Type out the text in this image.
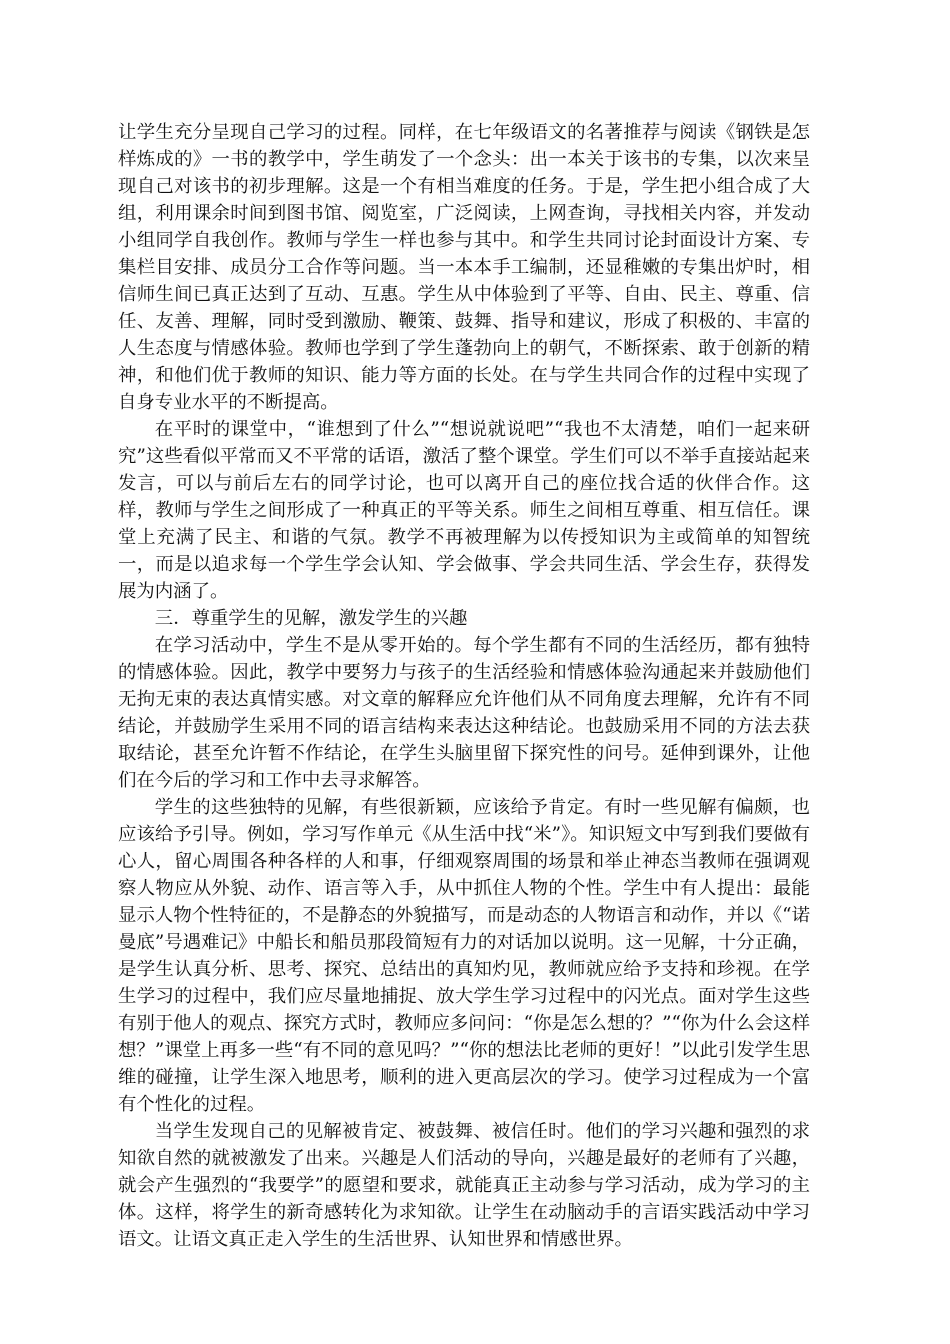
让学生充分呈现自己学习的过程。同样，在七年级语文的名著推荐与阅读《钢铁是怎样炼成的》一书的教学中，学生萌发了一个念头：出一本关于该书的专集，以次来呈现自己对该书的初步理解。这是一个有相当难度的任务。于是，学生把小组合成了大组，利用课余时间到图书馆、阅览室，广泛阅读，上网查询，寻找相关内容，并发动小组同学自我创作。教师与学生一样也参与其中。和学生共同讨论封面设计方案、专集栏目安排、成员分工合作等问题。当一本本手工编制，还显稚嫩的专集出炉时，相信师生间已真正达到了互动、互惠。学生从中体验到了平等、自由、民主、尊重、信任、友善、理解，同时受到激励、鞭策、鼓舞、指导和建议，形成了积极的、丰富的人生态度与情感体验。教师也学到了学生蓬勃向上的朝气，不断探索、敢于创新的精神，和他们优于教师的知识、能力等方面的长处。在与学生共同合作的过程中实现了自身专业水平的不断提高。

在平时的课堂中，“谁想到了什么”“想说就说吧”“我也不太清楚，咱们一起来研究”这些看似平常而又不平常的话语，激活了整个课堂。学生们可以不举手直接站起来发言，可以与前后左右的同学讨论，也可以离开自己的座位找合适的伙伴合作。这样，教师与学生之间形成了一种真正的平等关系。师生之间相互尊重、相互信任。课堂上充满了民主、和谐的气氛。教学不再被理解为以传授知识为主或简单的知智统一，而是以追求每一个学生学会认知、学会做事、学会共同生活、学会生存，获得发展为内涵了。

三．尊重学生的见解，激发学生的兴趣

在学习活动中，学生不是从零开始的。每个学生都有不同的生活经历，都有独特的情感体验。因此，教学中要努力与孩子的生活经验和情感体验沟通起来并鼓励他们无拘无束的表达真情实感。对文章的解释应允许他们从不同角度去理解，允许有不同结论，并鼓励学生采用不同的语言结构来表达这种结论。也鼓励采用不同的方法去获取结论，甚至允许暂不作结论，在学生头脑里留下探究性的问号。延伸到课外，让他们在今后的学习和工作中去寻求解答。

学生的这些独特的见解，有些很新颖，应该给予肯定。有时一些见解有偏颇，也应该给予引导。例如，学习写作单元《从生活中找“米”》。知识短文中写到我们要做有心人，留心周围各种各样的人和事，仔细观察周围的场景和举止神态当教师在强调观察人物应从外貌、动作、语言等入手，从中抓住人物的个性。学生中有人提出：最能显示人物个性特征的，不是静态的外貌描写，而是动态的人物语言和动作，并以《“诺曼底”号遇难记》中船长和船员那段简短有力的对话加以说明。这一见解，十分正确，是学生认真分析、思考、探究、总结出的真知灼见，教师就应给予支持和珍视。在学生学习的过程中，我们应尽量地捕捉、放大学生学习过程中的闪光点。面对学生这些有别于他人的观点、探究方式时，教师应多问问：“你是怎么想的？”“你为什么会这样想？”课堂上再多一些“有不同的意见吗？”“你的想法比老师的更好！”以此引发学生思维的碰撞，让学生深入地思考，顺利的进入更高层次的学习。使学习过程成为一个富有个性化的过程。

当学生发现自己的见解被肯定、被鼓舞、被信任时。他们的学习兴趣和强烈的求知欲自然的就被激发了出来。兴趣是人们活动的导向，兴趣是最好的老师有了兴趣，就会产生强烈的“我要学”的愿望和要求，就能真正主动参与学习活动，成为学习的主体。这样，将学生的新奇感转化为求知欲。让学生在动脑动手的言语实践活动中学习语文。让语文真正走入学生的生活世界、认知世界和情感世界。
